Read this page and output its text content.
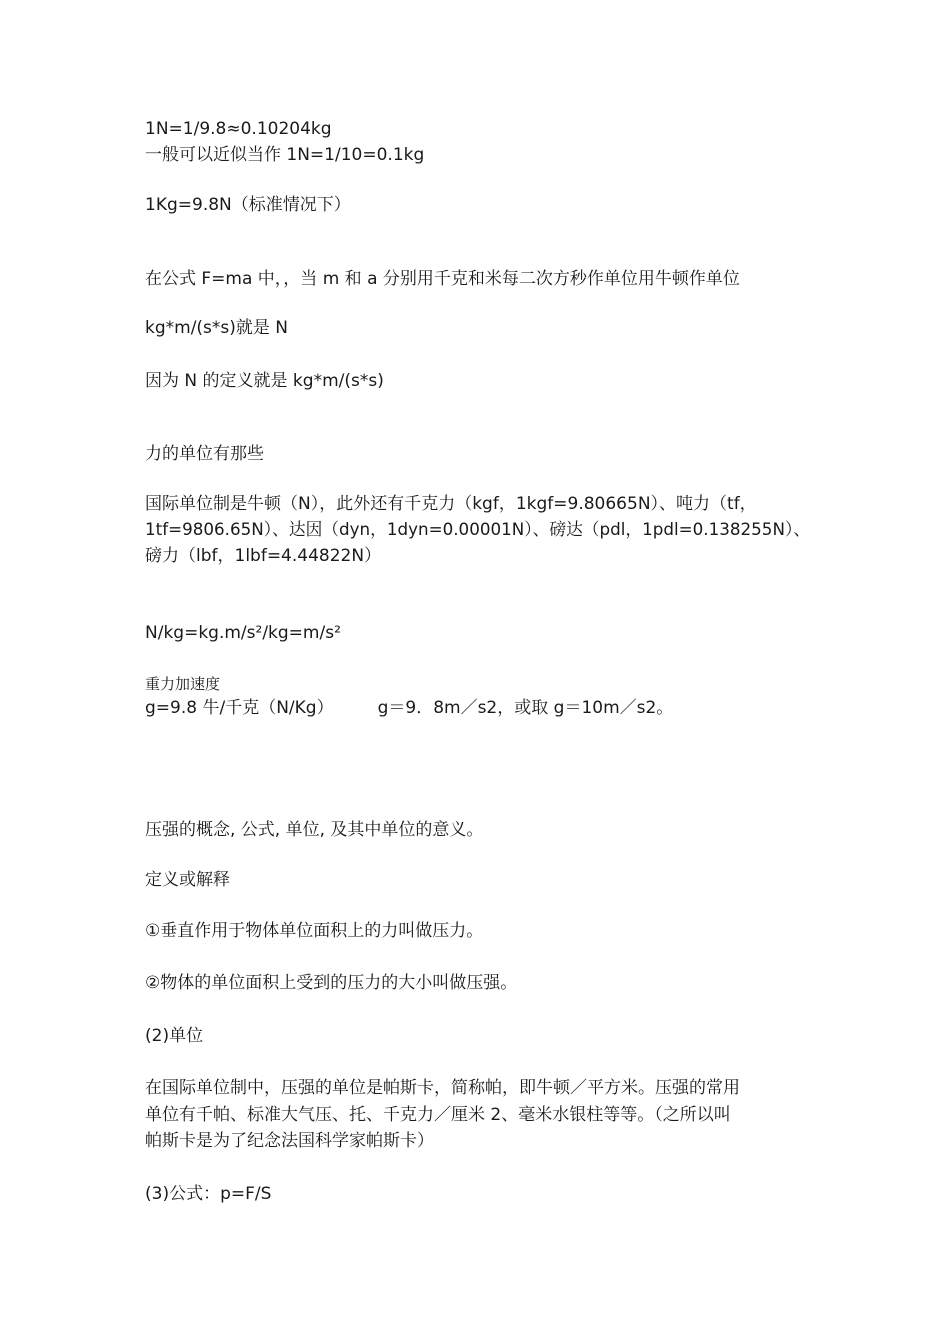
1N=1/9.8≈0.10204kg
一般可以近似当作 1N=1/10=0.1kg
1Kg=9.8N（标准情况下）
在公式 F=ma 中，，当 m 和 a 分别用千克和米每二次方秒作单位用牛顿作单位
kg*m/(s*s)就是 N
因为 N 的定义就是 kg*m/(s*s)
力的单位有那些
国际单位制是牛顿（N），此外还有千克力（kgf，1kgf=9.80665N）、吨力（tf，
1tf=9806.65N）、达因（dyn，1dyn=0.00001N）、磅达（pdl，1pdl=0.138255N）、
磅力（lbf，1lbf=4.44822N）
N/kg=kg.m/s²/kg=m/s²
重力加速度
g=9.8 牛/千克（N/Kg）	g＝9．8m／s2，或取 g＝10m／s2。
压强的概念, 公式, 单位, 及其中单位的意义。
定义或解释
①垂直作用于物体单位面积上的力叫做压力。
②物体的单位面积上受到的压力的大小叫做压强。
(2)单位
在国际单位制中，压强的单位是帕斯卡，简称帕，即牛顿／平方米。压强的常用
单位有千帕、标准大气压、托、千克力／厘米 2、毫米水银柱等等。（之所以叫
帕斯卡是为了纪念法国科学家帕斯卡）
(3)公式：p=F/S
